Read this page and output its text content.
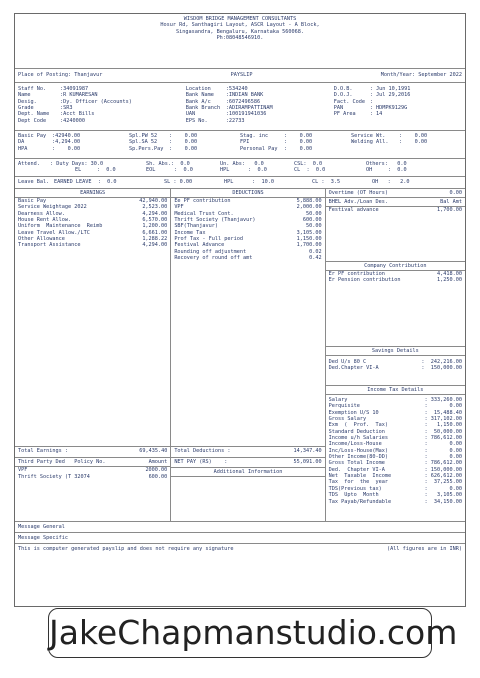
WISDOM BRIDGE MANAGEMENT CONSULTANTS
Hosur Rd, Santhagiri Layout, ASCR Layout - A Block,
Singasandra, Bengaluru, Karnataka 560068.
Ph:08048546910.
Place of Posting: Thanjavur	PAYSLIP	Month/Year: September 2022
Staff No.	:34091987
Name	:R KUMARESAN
Desig.	:Dy. Officer (Accounts)
Grade	:SR3
Dept. Name	:Acct Bills
Dept Code	:4240000
Location	:534240
Bank Name	:INDIAN BANK
Bank A/c	:6072496586
Bank Branch	:ADIRAMPATTINAM
UAN	:100191941036
EPS No.	:22733
D.O.B.	: Jun 10,1991
D.O.J.	: Jul 29,2016
Fact. Code :
PAN	: HDMPK9129G
PF Area	: 14
Basic Pay	:42940.00
DA	:4,294.00
HPA	:    0.00
Spl.PW 52	:    0.00
Spl.SA 52	:    0.00
Sp.Pers.Pay	:    0.00
Stag. inc	:    0.00
FPI	:    0.00
Personal Pay	:    0.00
Service Wt.	:    0.00
Welding All.	:    0.00
Attend.	: Duty Days: 30.0	Sh. Abs.:  0.0	Un. Abs:   0.0	CSL:  0.0	Others:   0.0
EL     :  0.0	EOL      :  0.0	HPL      :  0.0	CL  :  0.0	OH     :  0.0
Leave Bal. EARNED LEAVE  :  0.0	SL : 0.00	HPL      :  10.0	CL :  3.5	OH   :   2.0
EARNINGS
Basic Pay	42,940.00
Service Weightage 2022	2,523.00
Dearness Allow.	4,294.00
House Rent Allow.	6,570.00
Uniform  Maintenance  Reimb	1,200.00
Leave Travel Allow./LTC	6,661.00
Other Allowance	1,288.22
Transport Assistance	4,294.00
Total Earnings :	69,435.40
Third Party Ded   Policy No.	Amount
VPF	2000.00
Thrift Society (T 32074	600.00
DEDUCTIONS
Ee PF contribution	5,888.00
VPF	2,000.00
Medical Trust Cont.	50.00
Thrift Society (Thanjavur)	600.00
SBF(Thanjavur)	50.00
Income Tax	3,105.00
Prof Tax - Full period	1,150.00
Festival Advance	1,700.00
Rounding off adjustment	0.02
Recovery of round off amt	0.42
Total Deductions :	14,347.40
NET PAY (RS)    :	55,091.00
Additional Information
Overtime (OT Hours)	0.00
BHEL Adv./Loan Des.	Bal Amt
Festival advance	1,700.00
Company Contribution
Er PF contribution	4,418.00
Er Pension contribution	1,250.00
Savings Details
Ded U/s 80 C	:  242,216.00
Ded.Chapter VI-A	:  150,000.00
Income Tax Details
Salary	: 333,260.00
Perquisite	:       0.00
Exemption U/S 10	:  15,488.40
Gross Salary	: 317,102.00
Exm  (  Prof.  Tax)	:   1,150.00
Standard Deduction	:  50,000.00
Income u/h Salaries	: 786,612.00
Income/Loss-House	:       0.00
Inc/Loss-House(Max)	:       0.00
Other Income(80-DD)	:       0.00
Gross Total Income	: 786,612.00
Ded.  Chapter VI-A	: 150,000.00
Net  Taxable  Income	: 626,612.00
Tax  for  the  year	:  37,255.00
TDS(Previous tax)	:       0.00
TDS  Upto  Month	:   3,105.00
Tax Payab/Refundable	:  34,150.00
Message General
Message Specific
This is computer generated payslip and does not require any signature	(All figures are in INR)
JakeChapmanstudio.com
